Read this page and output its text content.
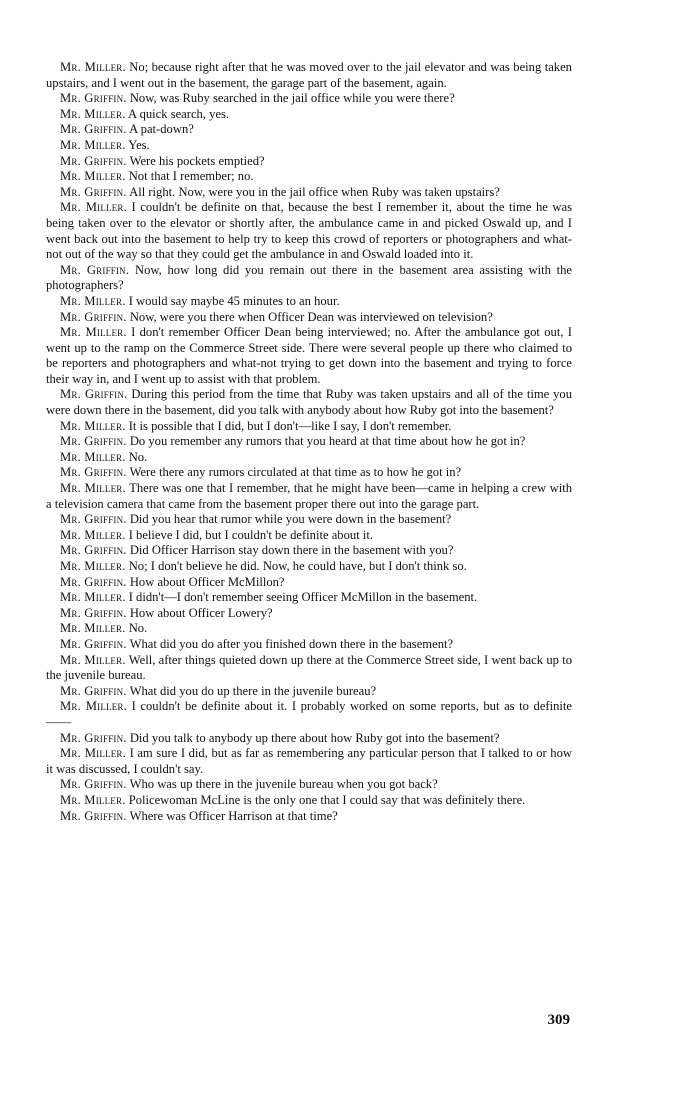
Mr. Miller. No; because right after that he was moved over to the jail elevator and was being taken upstairs, and I went out in the basement, the garage part of the basement, again.

Mr. Griffin. Now, was Ruby searched in the jail office while you were there?

Mr. Miller. A quick search, yes.

Mr. Griffin. A pat-down?

Mr. Miller. Yes.

Mr. Griffin. Were his pockets emptied?

Mr. Miller. Not that I remember; no.

Mr. Griffin. All right. Now, were you in the jail office when Ruby was taken upstairs?

Mr. Miller. I couldn't be definite on that, because the best I remember it, about the time he was being taken over to the elevator or shortly after, the ambulance came in and picked Oswald up, and I went back out into the basement to help try to keep this crowd of reporters or photographers and what-not out of the way so that they could get the ambulance in and Oswald loaded into it.

Mr. Griffin. Now, how long did you remain out there in the basement area assisting with the photographers?

Mr. Miller. I would say maybe 45 minutes to an hour.

Mr. Griffin. Now, were you there when Officer Dean was interviewed on television?

Mr. Miller. I don't remember Officer Dean being interviewed; no. After the ambulance got out, I went up to the ramp on the Commerce Street side. There were several people up there who claimed to be reporters and photographers and what-not trying to get down into the basement and trying to force their way in, and I went up to assist with that problem.

Mr. Griffin. During this period from the time that Ruby was taken upstairs and all of the time you were down there in the basement, did you talk with anybody about how Ruby got into the basement?

Mr. Miller. It is possible that I did, but I don't—like I say, I don't remember.

Mr. Griffin. Do you remember any rumors that you heard at that time about how he got in?

Mr. Miller. No.

Mr. Griffin. Were there any rumors circulated at that time as to how he got in?

Mr. Miller. There was one that I remember, that he might have been—came in helping a crew with a television camera that came from the basement proper there out into the garage part.

Mr. Griffin. Did you hear that rumor while you were down in the basement?

Mr. Miller. I believe I did, but I couldn't be definite about it.

Mr. Griffin. Did Officer Harrison stay down there in the basement with you?

Mr. Miller. No; I don't believe he did. Now, he could have, but I don't think so.

Mr. Griffin. How about Officer McMillon?

Mr. Miller. I didn't—I don't remember seeing Officer McMillon in the basement.

Mr. Griffin. How about Officer Lowery?

Mr. Miller. No.

Mr. Griffin. What did you do after you finished down there in the basement?

Mr. Miller. Well, after things quieted down up there at the Commerce Street side, I went back up to the juvenile bureau.

Mr. Griffin. What did you do up there in the juvenile bureau?

Mr. Miller. I couldn't be definite about it. I probably worked on some reports, but as to definite——

Mr. Griffin. Did you talk to anybody up there about how Ruby got into the basement?

Mr. Miller. I am sure I did, but as far as remembering any particular person that I talked to or how it was discussed, I couldn't say.

Mr. Griffin. Who was up there in the juvenile bureau when you got back?

Mr. Miller. Policewoman McLine is the only one that I could say that was definitely there.

Mr. Griffin. Where was Officer Harrison at that time?

309
